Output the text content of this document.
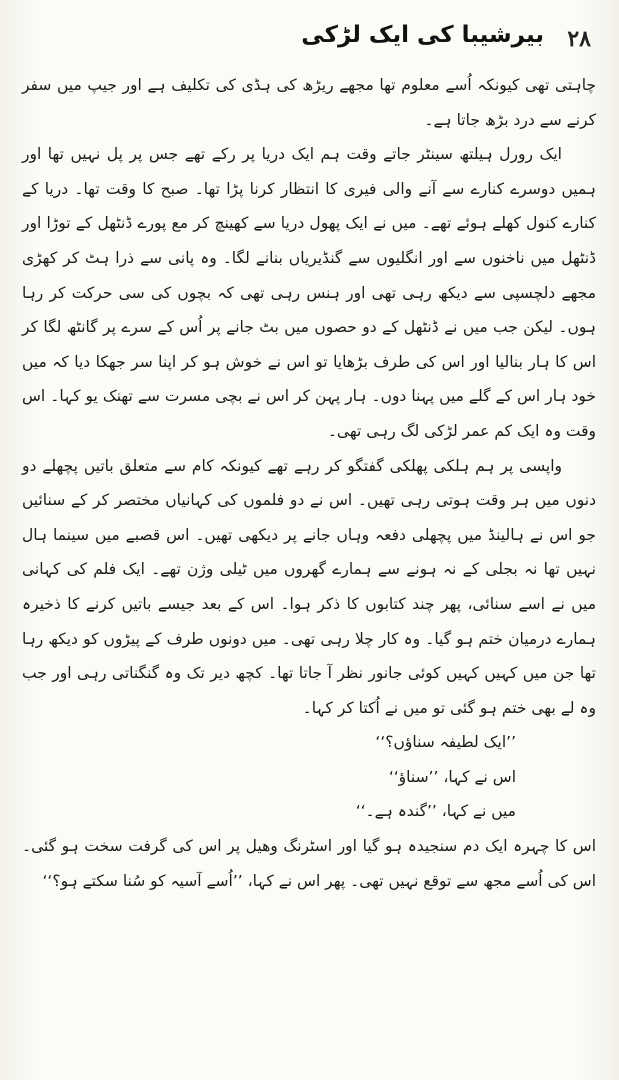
۲۸
بیرشیبا کی ایک لڑکی

چاہتی تھی کیونکہ اُسے معلوم تھا مجھے ریڑھ کی ہڈی کی تکلیف ہے اور جیپ میں سفر کرنے سے درد بڑھ جاتا ہے۔

ایک رورل ہیلتھ سینٹر جاتے وقت ہم ایک دریا پر رکے تھے جس پر پل نہیں تھا اور ہمیں دوسرے کنارے سے آنے والی فیری کا انتظار کرنا پڑا تھا۔ صبح کا وقت تھا۔ دریا کے کنارے کنول کھلے ہوئے تھے۔ میں نے ایک پھول دریا سے کھینچ کر مع پورے ڈنٹھل کے توڑا اور ڈنٹھل میں ناخنوں سے اور انگلیوں سے گنڈیریاں بنانے لگا۔ وہ پانی سے ذرا ہٹ کر کھڑی مجھے دلچسپی سے دیکھ رہی تھی اور ہنس رہی تھی کہ بچوں کی سی حرکت کر رہا ہوں۔ لیکن جب میں نے ڈنٹھل کے دو حصوں میں بٹ جانے پر اُس کے سرے پر گانٹھ لگا کر اس کا ہار بنالیا اور اس کی طرف بڑھایا تو اس نے خوش ہو کر اپنا سر جھکا دیا کہ میں خود ہار اس کے گلے میں پہنا دوں۔ ہار پہن کر اس نے بچی مسرت سے تھنک یو کہا۔ اس وقت وہ ایک کم عمر لڑکی لگ رہی تھی۔

واپسی پر ہم ہلکی پھلکی گفتگو کر رہے تھے کیونکہ کام سے متعلق باتیں پچھلے دو دنوں میں ہر وقت ہوتی رہی تھیں۔ اس نے دو فلموں کی کہانیاں مختصر کر کے سنائیں جو اس نے ہالینڈ میں پچھلی دفعہ وہاں جانے پر دیکھی تھیں۔ اس قصبے میں سینما ہال نہیں تھا نہ بجلی کے نہ ہونے سے ہمارے گھروں میں ٹیلی وژن تھے۔ ایک فلم کی کہانی میں نے اسے سنائی، پھر چند کتابوں کا ذکر ہوا۔ اس کے بعد جیسے باتیں کرنے کا ذخیرہ ہمارے درمیان ختم ہو گیا۔ وہ کار چلا رہی تھی۔ میں دونوں طرف کے پیڑوں کو دیکھ رہا تھا جن میں کہیں کہیں کوئی جانور نظر آ جاتا تھا۔ کچھ دیر تک وہ گنگناتی رہی اور جب وہ لے بھی ختم ہو گئی تو میں نے اُکتا کر کہا۔

’’ایک لطیفہ سناؤں؟‘‘

اس نے کہا، ’’سناؤ‘‘

میں نے کہا، ’’گندہ ہے۔‘‘

اس کا چہرہ ایک دم سنجیدہ ہو گیا اور اسٹرنگ وھیل پر اس کی گرفت سخت ہو گئی۔ اس کی اُسے مجھ سے توقع نہیں تھی۔ پھر اس نے کہا، ’’اُسے آسیہ کو سُنا سکتے ہو؟‘‘
